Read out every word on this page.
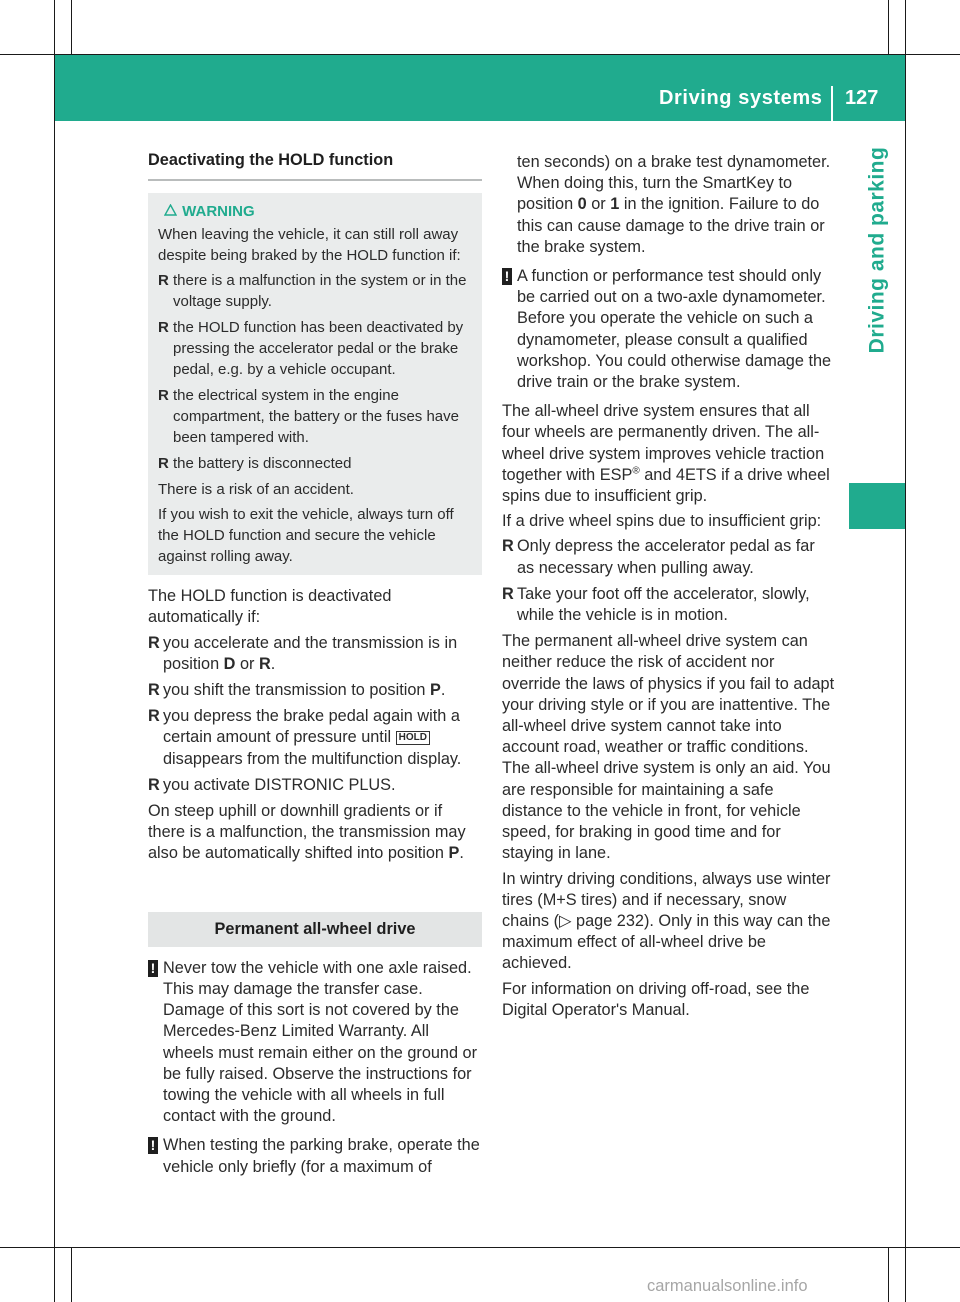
Driving systems 127
Driving and parking
Deactivating the HOLD function
WARNING

When leaving the vehicle, it can still roll away despite being braked by the HOLD function if:

R there is a malfunction in the system or in the voltage supply.
R the HOLD function has been deactivated by pressing the accelerator pedal or the brake pedal, e.g. by a vehicle occupant.
R the electrical system in the engine compartment, the battery or the fuses have been tampered with.
R the battery is disconnected

There is a risk of an accident.

If you wish to exit the vehicle, always turn off the HOLD function and secure the vehicle against rolling away.

The HOLD function is deactivated automatically if:

R you accelerate and the transmission is in position D or R.
R you shift the transmission to position P.
R you depress the brake pedal again with a certain amount of pressure until HOLD disappears from the multifunction display.
R you activate DISTRONIC PLUS.

On steep uphill or downhill gradients or if there is a malfunction, the transmission may also be automatically shifted into position P.

Permanent all-wheel drive
! Never tow the vehicle with one axle raised. This may damage the transfer case. Damage of this sort is not covered by the Mercedes-Benz Limited Warranty. All wheels must remain either on the ground or be fully raised. Observe the instructions for towing the vehicle with all wheels in full contact with the ground.
! When testing the parking brake, operate the vehicle only briefly (for a maximum of
ten seconds) on a brake test dynamometer. When doing this, turn the SmartKey to position 0 or 1 in the ignition. Failure to do this can cause damage to the drive train or the brake system.
! A function or performance test should only be carried out on a two-axle dynamometer. Before you operate the vehicle on such a dynamometer, please consult a qualified workshop. You could otherwise damage the drive train or the brake system.

The all-wheel drive system ensures that all four wheels are permanently driven. The all-wheel drive system improves vehicle traction together with ESP® and 4ETS if a drive wheel spins due to insufficient grip.

If a drive wheel spins due to insufficient grip:

R Only depress the accelerator pedal as far as necessary when pulling away.
R Take your foot off the accelerator, slowly, while the vehicle is in motion.

The permanent all-wheel drive system can neither reduce the risk of accident nor override the laws of physics if you fail to adapt your driving style or if you are inattentive. The all-wheel drive system cannot take into account road, weather or traffic conditions. The all-wheel drive system is only an aid. You are responsible for maintaining a safe distance to the vehicle in front, for vehicle speed, for braking in good time and for staying in lane.

In wintry driving conditions, always use winter tires (M+S tires) and if necessary, snow chains (▷ page 232). Only in this way can the maximum effect of all-wheel drive be achieved.

For information on driving off-road, see the Digital Operator's Manual.

carmanualsonline.info
